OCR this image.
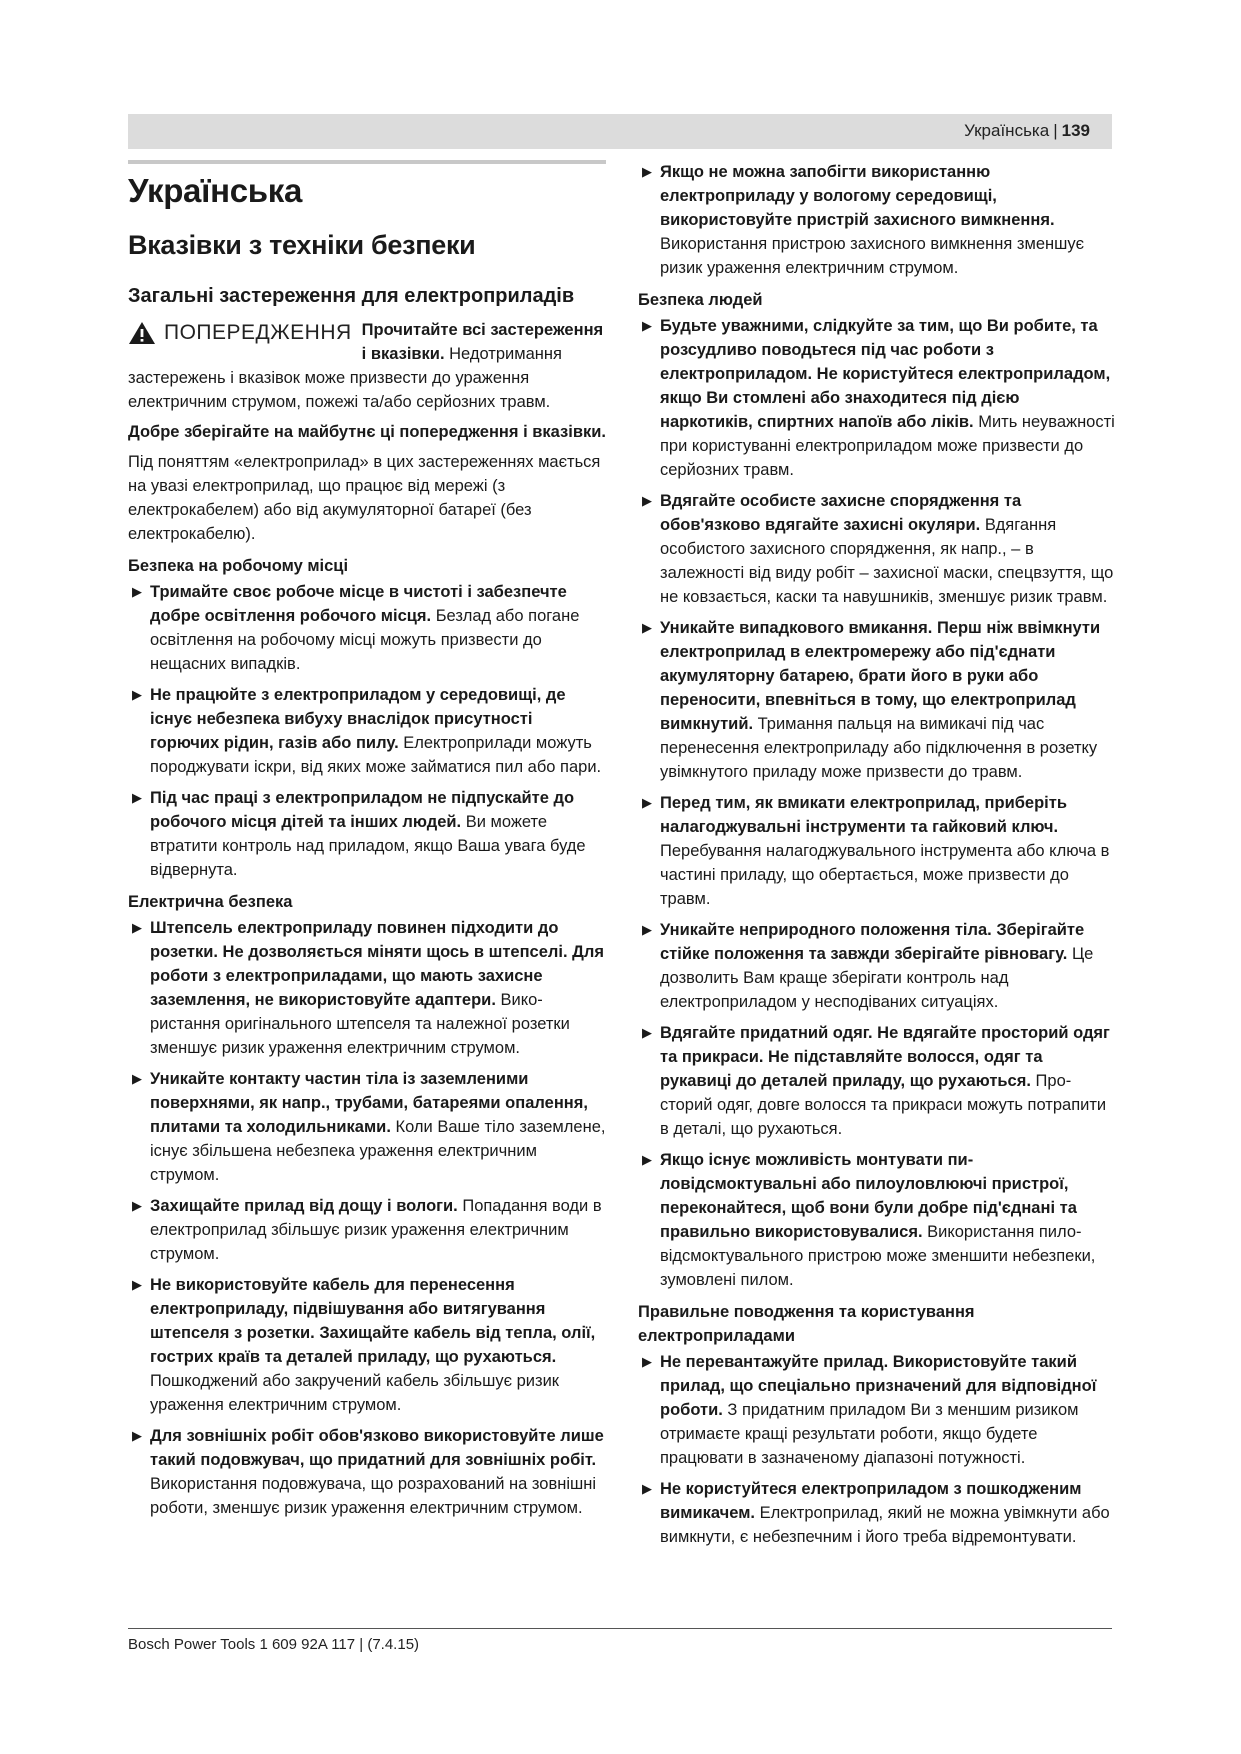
Українська | 139
Українська
Вказівки з техніки безпеки
Загальні застереження для електроприладів
ПОПЕРЕДЖЕННЯ Прочитайте всі застереження і вказівки. Недотримання застережень і вказівок може призвести до ураження електричним струмом, пожежі та/або серйозних травм.

Добре зберігайте на майбутнє ці попередження і вказівки.

Під поняттям «електроприлад» в цих застереженнях мається на увазі електроприлад, що працює від мережі (з електрокабелем) або від акумуляторної батареї (без електрокабелю).

Безпека на робочому місці
▶ Тримайте своє робоче місце в чистоті і забезпечте добре освітлення робочого місця. Безлад або погане освітлення на робочому місці можуть призвести до нещасних випадків.
▶ Не працюйте з електроприладом у середовищі, де існує небезпека вибуху внаслідок присутності горючих рідин, газів або пилу. Електроприлади можуть породжувати іскри, від яких може займатися пил або пари.
▶ Під час праці з електроприладом не підпускайте до робочого місця дітей та інших людей. Ви можете втратити контроль над приладом, якщо Ваша увага буде відвернута.
Електрична безпека
▶ Штепсель електроприладу повинен підходити до розетки. Не дозволяється міняти щось в штепселі. Для роботи з електроприладами, що мають захисне заземлення, не використовуйте адаптери. Використання оригінального штепселя та належної розетки зменшує ризик ураження електричним струмом.
▶ Уникайте контакту частин тіла із заземленими поверхнями, як напр., трубами, батареями опалення, плитами та холодильниками. Коли Ваше тіло заземлене, існує збільшена небезпека ураження електричним струмом.
▶ Захищайте прилад від дощу і вологи. Попадання води в електроприлад збільшує ризик ураження електричним струмом.
▶ Не використовуйте кабель для перенесення електроприладу, підвішування або витягування штепселя з розетки. Захищайте кабель від тепла, олії, гострих країв та деталей приладу, що рухаються. Пошкоджений або закручений кабель збільшує ризик ураження електричним струмом.
▶ Для зовнішніх робіт обов'язково використовуйте лише такий подовжувач, що придатний для зовнішніх робіт. Використання подовжувача, що розрахований на зовнішні роботи, зменшує ризик ураження електричним струмом.
▶ Якщо не можна запобігти використанню електроприладу у вологому середовищі, використовуйте пристрій захисного вимкнення. Використання пристрою захисного вимкнення зменшує ризик ураження електричним струмом.
Безпека людей
▶ Будьте уважними, слідкуйте за тим, що Ви робите, та розсудливо поводьтеся під час роботи з електроприладом. Не користуйтеся електроприладом, якщо Ви стомлені або знаходитеся під дією наркотиків, спиртних напоїв або ліків. Мить неуважності при користуванні електроприладом може призвести до серйозних травм.
▶ Вдягайте особисте захисне спорядження та обов'язково вдягайте захисні окуляри. Вдягання особистого захисного спорядження, як напр., – в залежності від виду робіт – захисної маски, спецвзуття, що не ковзається, каски та навушників, зменшує ризик травм.
▶ Уникайте випадкового вмикання. Перш ніж ввімкнути електроприлад в електромережу або під'єднати акумуляторну батарею, брати його в руки або переносити, впевніться в тому, що електроприлад вимкнутий. Тримання пальця на вимикачі під час перенесення електроприладу або підключення в розетку увімкнутого приладу може призвести до травм.
▶ Перед тим, як вмикати електроприлад, приберіть налагоджувальні інструменти та гайковий ключ. Перебування налагоджувального інструмента або ключа в частині приладу, що обертається, може призвести до травм.
▶ Уникайте неприродного положення тіла. Зберігайте стійке положення та завжди зберігайте рівновагу. Це дозволить Вам краще зберігати контроль над електроприладом у несподіваних ситуаціях.
▶ Вдягайте придатний одяг. Не вдягайте просторий одяг та прикраси. Не підставляйте волосся, одяг та рукавиці до деталей приладу, що рухаються. Просторий одяг, довге волосся та прикраси можуть потрапити в деталі, що рухаються.
▶ Якщо існує можливість монтувати пиловідсмоктувальні або пилоуловлюючі пристрої, переконайтеся, щоб вони були добре під'єднані та правильно використовувалися. Використання пиловідсмоктувального пристрою може зменшити небезпеки, зумовлені пилом.
Правильне поводження та користування електроприладами
▶ Не перевантажуйте прилад. Використовуйте такий прилад, що спеціально призначений для відповідної роботи. З придатним приладом Ви з меншим ризиком отримаєте кращі результати роботи, якщо будете працювати в зазначеному діапазоні потужності.
▶ Не користуйтеся електроприладом з пошкодженим вимикачем. Електроприлад, який не можна увімкнути або вимкнути, є небезпечним і його треба відремонтувати.
Bosch Power Tools 1 609 92A 117 | (7.4.15)
